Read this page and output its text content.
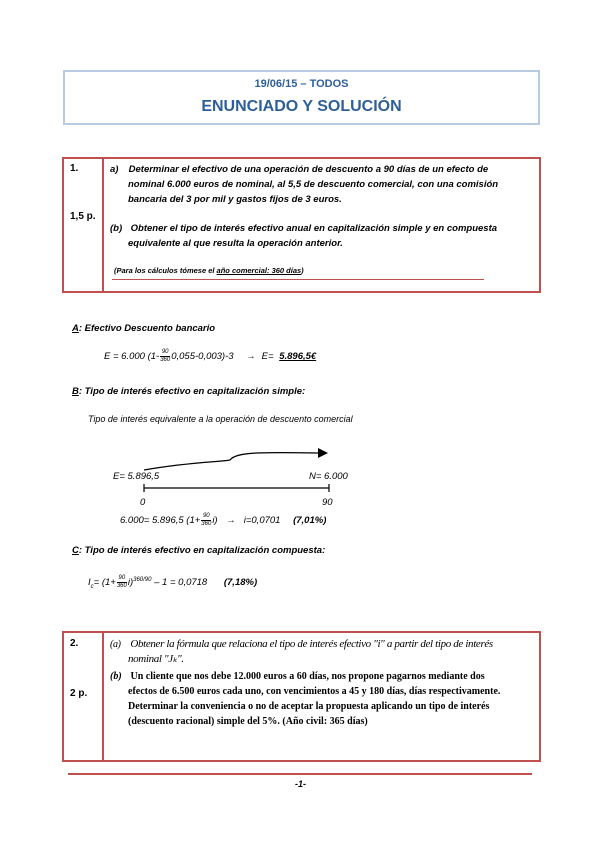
19/06/15 – TODOS
ENUNCIADO Y SOLUCIÓN
1.
1,5 p.
a) Determinar el efectivo de una operación de descuento a 90 días de un efecto de
nominal 6.000 euros de nominal, al 5,5 de descuento comercial, con una comisión
bancaria del 3 por mil y gastos fijos de 3 euros.
(b) Obtener el tipo de interés efectivo anual en capitalización simple y en compuesta
equivalente al que resulta la operación anterior.
(Para los cálculos tómese el año comercial: 360 días)
A: Efectivo Descuento bancario
E = 6.000 $(1- \frac{90}{360} 0,055-0,003)-3 \to E=$ 5.896,5€
B: Tipo de interés efectivo en capitalización simple:
Tipo de interés equivalente a la operación de descuento comercial
E= 5.896,5	N= 6.000
0	90
6.000= 5.896,5 $(1+ \frac{90}{360} i) \to i=0,0701$ (7,01%)
C: Tipo de interés efectivo en capitalización compuesta:
$I_c= (1+ \frac{90}{360} i)^{360/90} - 1 = 0,0718$ (7,18%)
2.
2 p.
(a) Obtener la fórmula que relaciona el tipo de interés efectivo "i" a partir del tipo de interés
nominal "Jₖ".
(b) Un cliente que nos debe 12.000 euros a 60 días, nos propone pagarnos mediante dos
efectos de 6.500 euros cada uno, con vencimientos a 45 y 180 días, días respectivamente.
Determinar la conveniencia o no de aceptar la propuesta aplicando un tipo de interés
(descuento racional) simple del 5%. (Año civil: 365 días)
-1-
